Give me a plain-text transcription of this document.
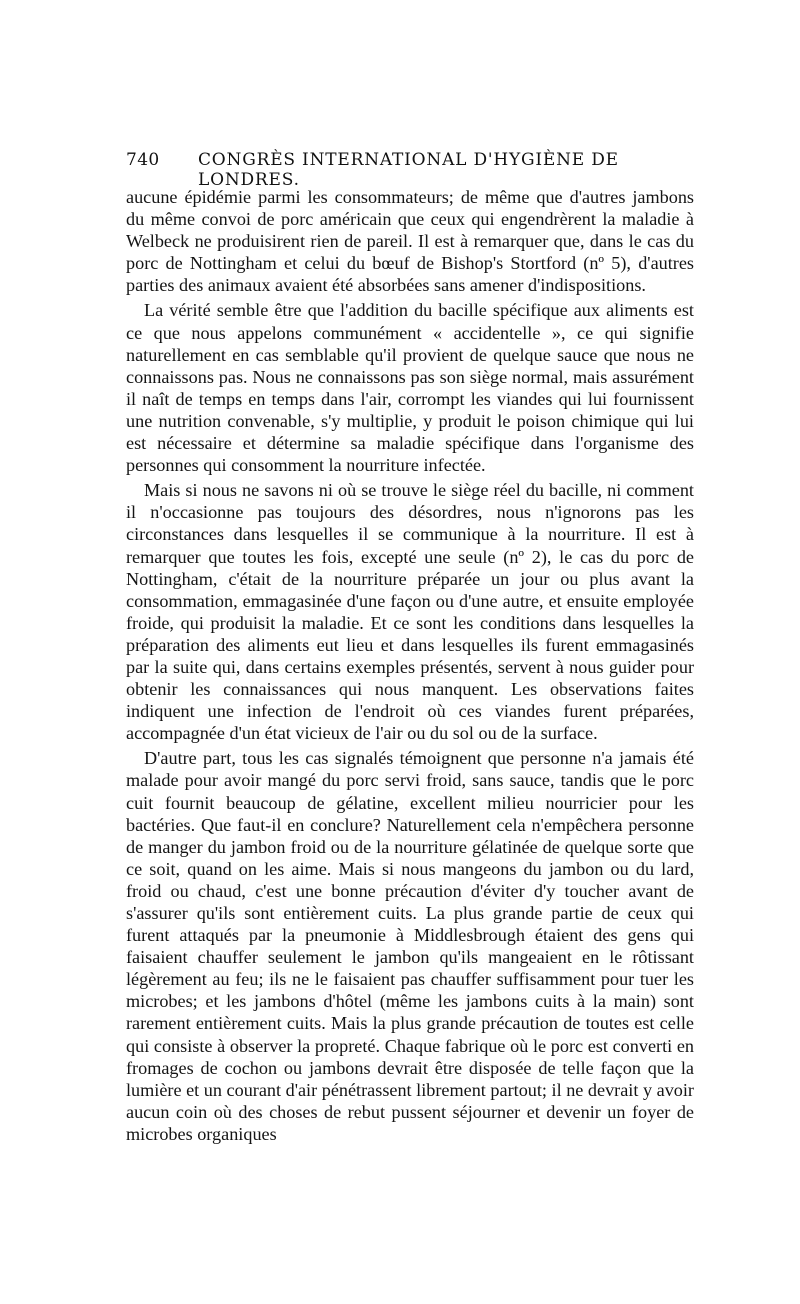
740 CONGRÈS INTERNATIONAL D'HYGIÈNE DE LONDRES.

aucune épidémie parmi les consommateurs; de même que d'autres jambons du même convoi de porc américain que ceux qui engendrèrent la maladie à Welbeck ne produisirent rien de pareil. Il est à remarquer que, dans le cas du porc de Nottingham et celui du bœuf de Bishop's Stortford (nº 5), d'autres parties des animaux avaient été absorbées sans amener d'indispositions.

La vérité semble être que l'addition du bacille spécifique aux aliments est ce que nous appelons communément « accidentelle », ce qui signifie naturellement en cas semblable qu'il provient de quelque sauce que nous ne connaissons pas. Nous ne connaissons pas son siège normal, mais assurément il naît de temps en temps dans l'air, corrompt les viandes qui lui fournissent une nutrition convenable, s'y multiplie, y produit le poison chimique qui lui est nécessaire et détermine sa maladie spécifique dans l'organisme des personnes qui consomment la nourriture infectée.

Mais si nous ne savons ni où se trouve le siège réel du bacille, ni comment il n'occasionne pas toujours des désordres, nous n'ignorons pas les circonstances dans lesquelles il se communique à la nourriture. Il est à remarquer que toutes les fois, excepté une seule (nº 2), le cas du porc de Nottingham, c'était de la nourriture préparée un jour ou plus avant la consommation, emmagasinée d'une façon ou d'une autre, et ensuite employée froide, qui produisit la maladie. Et ce sont les conditions dans lesquelles la préparation des aliments eut lieu et dans lesquelles ils furent emmagasinés par la suite qui, dans certains exemples présentés, servent à nous guider pour obtenir les connaissances qui nous manquent. Les observations faites indiquent une infection de l'endroit où ces viandes furent préparées, accompagnée d'un état vicieux de l'air ou du sol ou de la surface.

D'autre part, tous les cas signalés témoignent que personne n'a jamais été malade pour avoir mangé du porc servi froid, sans sauce, tandis que le porc cuit fournit beaucoup de gélatine, excellent milieu nourricier pour les bactéries. Que faut-il en conclure? Naturellement cela n'empêchera personne de manger du jambon froid ou de la nourriture gélatinée de quelque sorte que ce soit, quand on les aime. Mais si nous mangeons du jambon ou du lard, froid ou chaud, c'est une bonne précaution d'éviter d'y toucher avant de s'assurer qu'ils sont entièrement cuits. La plus grande partie de ceux qui furent attaqués par la pneumonie à Middlesbrough étaient des gens qui faisaient chauffer seulement le jambon qu'ils mangeaient en le rôtissant légèrement au feu; ils ne le faisaient pas chauffer suffisamment pour tuer les microbes; et les jambons d'hôtel (même les jambons cuits à la main) sont rarement entièrement cuits. Mais la plus grande précaution de toutes est celle qui consiste à observer la propreté. Chaque fabrique où le porc est converti en fromages de cochon ou jambons devrait être disposée de telle façon que la lumière et un courant d'air pénétrassent librement partout; il ne devrait y avoir aucun coin où des choses de rebut pussent séjourner et devenir un foyer de microbes organiques
